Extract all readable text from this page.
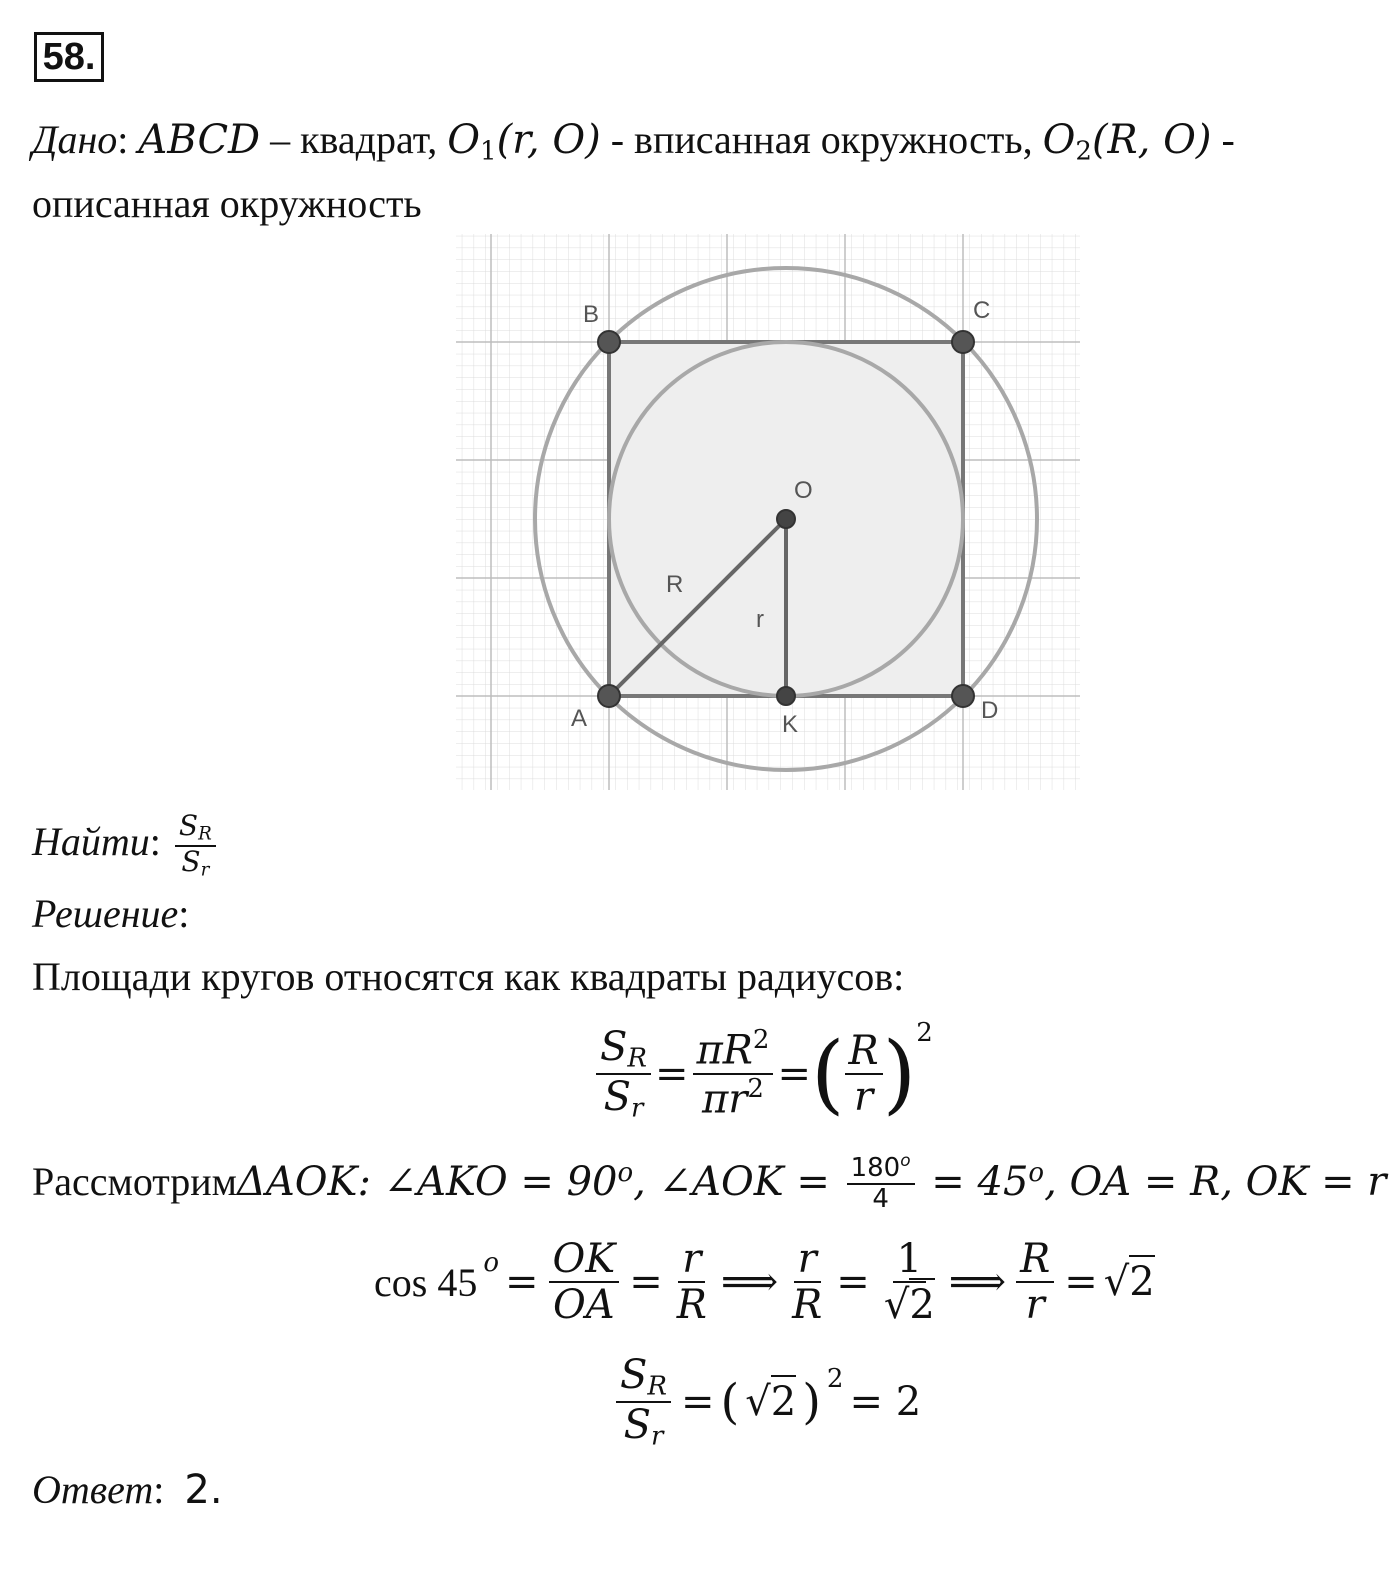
58.
Дано: ABCD – квадрат, $O_1(r$, O) - вписанная окружность, $O_2(R$, O) -
описанная окружность
B	C
A	D
O
K
R
r
Найти: $\frac{S_R}{S_r}$
Решение:
Площади кругов относятся как квадраты радиусов:
$\frac{S_R}{S_r} = \frac{\pi R^2}{\pi r^2}$ = ( $\frac{R}{r}$ ) 2
Рассмотрим ΔAOK : ∠AKO = 90 o , ∠AOK = $\frac{180^o}{4} = 45$ o , OA = R, OK = r
cos 45 $o = \frac{OK}{OA} = \frac{r}{R}$ ⟹ $\frac{r}{R} = \frac{1}{√2}$ ⟹ $\frac{R}{r} = √2$
$\frac{S_R}{S_r}$ = ( √2 ) 2 = 2
Ответ:  2.
